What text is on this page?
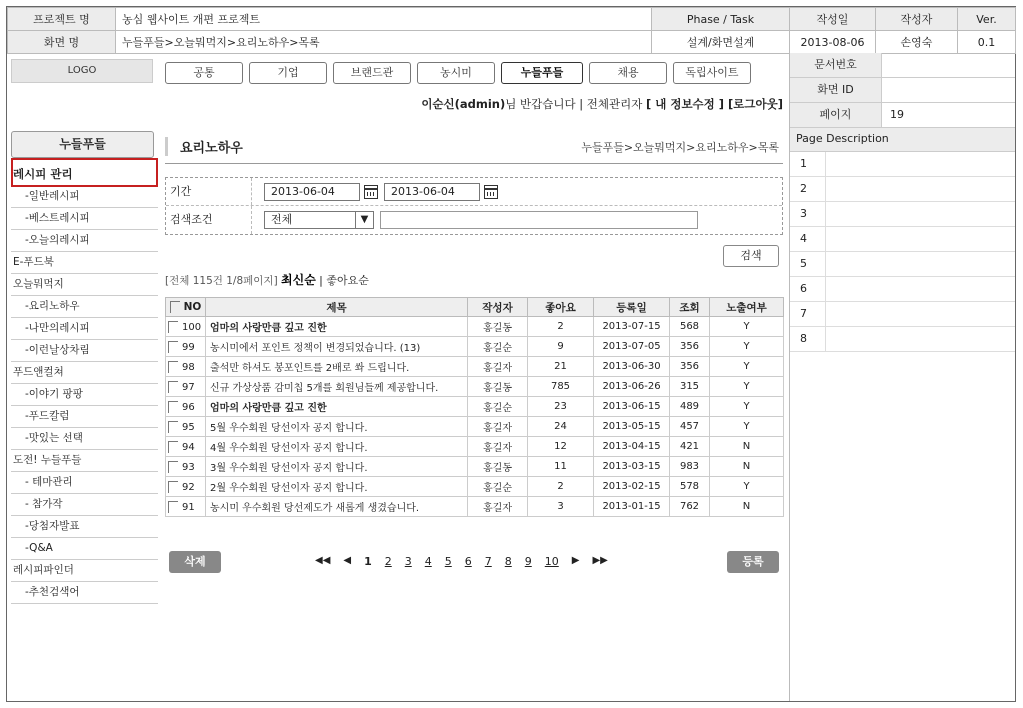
프로젝트 명	농심 웹사이트 개편 프로젝트	Phase / Task	작성일	작성자	Ver.
화면 명	누들푸들>오늘뭐먹지>요리노하우>목록	설계/화면설계	2013-08-06	손영숙	0.1
문서번호
화면 ID
페이지	19
Page Description
1
2
3
4
5
6
7
8
LOGO	공통	기업	브랜드관	농시미	누들푸들	채용	독립사이트
이순신(admin)님 반갑습니다 | 전체관리자 [ 내 정보수정 ] [로그아웃]
누들푸들
레시피 관리
-일반레시피
-베스트레시피
-오늘의레시피
E-푸드북
오늘뭐먹지
-요리노하우
-나만의레시피
-이런날상차림
푸드앤컬쳐
-이야기 팡팡
-푸드칼럼
-맛있는 선택
도전! 누들푸들
- 테마관리
- 참가작
-당첨자발표
-Q&A
레시피파인더
-추천검색어
요리노하우	누들푸들>오늘뭐먹지>요리노하우>목록
기간	2013-06-04	2013-06-04
검색조건	전체	▼
검색
[전체 115건 1/8페이지] 최신순 | 좋아요순
NO	제목	작성자	좋아요	등록일	조회	노출여부
100	엄마의 사랑만큼 깊고 진한	홍길동	2	2013-07-15	568	Y
99	농시미에서 포인트 정책이 변경되었습니다. (13)	홍길순	9	2013-07-05	356	Y
98	출석만 하셔도 봉포인트를 2배로 쏴 드립니다.	홍길자	21	2013-06-30	356	Y
97	신규 가상상품 감미칩 5개를 회원님들께 제공합니다.	홍길동	785	2013-06-26	315	Y
96	엄마의 사랑만큼 깊고 진한	홍길순	23	2013-06-15	489	Y
95	5월 우수회원 당선이자 공지 합니다.	홍길자	24	2013-05-15	457	Y
94	4월 우수회원 당선이자 공지 합니다.	홍길자	12	2013-04-15	421	N
93	3월 우수회원 당선이자 공지 합니다.	홍길동	11	2013-03-15	983	N
92	2월 우수회원 당선이자 공지 합니다.	홍길순	2	2013-02-15	578	Y
91	농시미 우수회원 당선제도가 새롭게 생겼습니다.	홍길자	3	2013-01-15	762	N
삭제	◀◀ ◀ 1 2 3 4 5 6 7 8 9 10 ▶ ▶▶	등록
